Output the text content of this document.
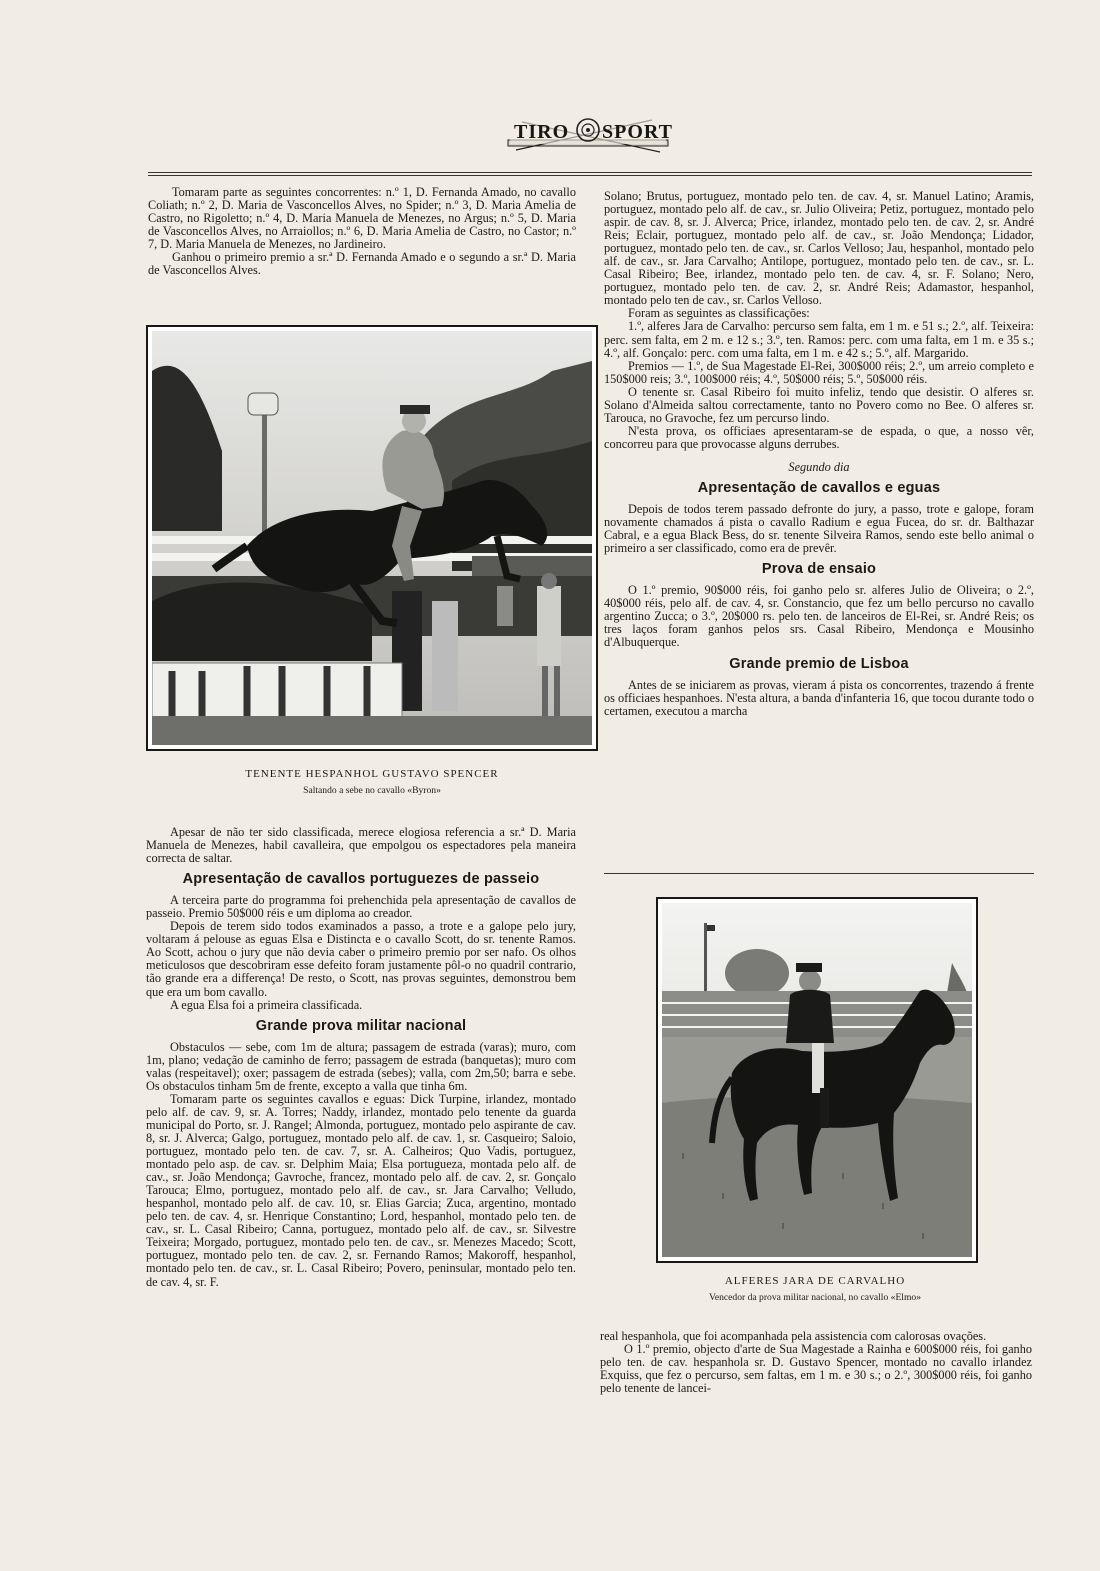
TIRO SPORT

Tomaram parte as seguintes concorrentes: n.º 1, D. Fernanda Amado, no cavallo Coliath; n.º 2, D. Maria de Vasconcellos Alves, no Spider; n.º 3, D. Maria Amelia de Castro, no Rigoletto; n.º 4, D. Maria Manuela de Menezes, no Argus; n.º 5, D. Maria de Vasconcellos Alves, no Arraiollos; n.º 6, D. Maria Amelia de Castro, no Castor; n.º 7, D. Maria Manuela de Menezes, no Jardineiro.

Ganhou o primeiro premio a sr.ª D. Fernanda Amado e o segundo a sr.ª D. Maria de Vasconcellos Alves.

TENENTE HESPANHOL GUSTAVO SPENCER
Saltando a sebe no cavallo «Byron»

Apesar de não ter sido classificada, merece elogiosa referencia a sr.ª D. Maria Manuela de Menezes, habil cavalleira, que empolgou os espectadores pela maneira correcta de saltar.

Apresentação de cavallos portuguezes de passeio

A terceira parte do programma foi prehenchida pela apresentação de cavallos de passeio. Premio 50$000 réis e um diploma ao creador.

Depois de terem sido todos examinados a passo, a trote e a galope pelo jury, voltaram á pelouse as eguas Elsa e Distincta e o cavallo Scott, do sr. tenente Ramos. Ao Scott, achou o jury que não devia caber o primeiro premio por ser nafo. Os olhos meticulosos que descobriram esse defeito foram justamente pôl-o no quadril contrario, tão grande era a differença! De resto, o Scott, nas provas seguintes, demonstrou bem que era um bom cavallo.

A egua Elsa foi a primeira classificada.

Grande prova militar nacional

Obstaculos — sebe, com 1m de altura; passagem de estrada (varas); muro, com 1m, plano; vedação de caminho de ferro; passagem de estrada (banquetas); muro com valas (respeitavel); oxer; passagem de estrada (sebes); valla, com 2m,50; barra e sebe. Os obstaculos tinham 5m de frente, excepto a valla que tinha 6m.

Tomaram parte os seguintes cavallos e eguas: Dick Turpine, irlandez, montado pelo alf. de cav. 9, sr. A. Torres; Naddy, irlandez, montado pelo tenente da guarda municipal do Porto, sr. J. Rangel; Almonda, portuguez, montado pelo aspirante de cav. 8, sr. J. Alverca; Galgo, portuguez, montado pelo alf. de cav. 1, sr. Casqueiro; Saloio, portuguez, montado pelo ten. de cav. 7, sr. A. Calheiros; Quo Vadis, portuguez, montado pelo asp. de cav. sr. Delphim Maia; Elsa portugueza, montada pelo alf. de cav., sr. João Mendonça; Gavroche, francez, montado pelo alf. de cav. 2, sr. Gonçalo Tarouca; Elmo, portuguez, montado pelo alf. de cav., sr. Jara Carvalho; Velludo, hespanhol, montado pelo alf. de cav. 10, sr. Elias Garcia; Zuca, argentino, montado pelo ten. de cav. 4, sr. Henrique Constantino; Lord, hespanhol, montado pelo ten. de cav., sr. L. Casal Ribeiro; Canna, portuguez, montado pelo alf. de cav., sr. Silvestre Teixeira; Morgado, portuguez, montado pelo ten. de cav., sr. Menezes Macedo; Scott, portuguez, montado pelo ten. de cav. 2, sr. Fernando Ramos; Makoroff, hespanhol, montado pelo ten. de cav., sr. L. Casal Ribeiro; Povero, peninsular, montado pelo ten. de cav. 4, sr. F.

Solano; Brutus, portuguez, montado pelo ten. de cav. 4, sr. Manuel Latino; Aramis, portuguez, montado pelo alf. de cav., sr. Julio Oliveira; Petiz, portuguez, montado pelo aspir. de cav. 8, sr. J. Alverca; Price, irlandez, montado pelo ten. de cav. 2, sr. André Reis; Eclair, portuguez, montado pelo alf. de cav., sr. João Mendonça; Lidador, portuguez, montado pelo ten. de cav., sr. Carlos Velloso; Jau, hespanhol, montado pelo alf. de cav., sr. Jara Carvalho; Antilope, portuguez, montado pelo ten. de cav., sr. L. Casal Ribeiro; Bee, irlandez, montado pelo ten. de cav. 4, sr. F. Solano; Nero, portuguez, montado pelo ten. de cav. 2, sr. André Reis; Adamastor, hespanhol, montado pelo ten de cav., sr. Carlos Velloso.

Foram as seguintes as classificações:

1.º, alferes Jara de Carvalho: percurso sem falta, em 1 m. e 51 s.; 2.º, alf. Teixeira: perc. sem falta, em 2 m. e 12 s.; 3.º, ten. Ramos: perc. com uma falta, em 1 m. e 35 s.; 4.º, alf. Gonçalo: perc. com uma falta, em 1 m. e 42 s.; 5.º, alf. Margarido.

Premios — 1.º, de Sua Magestade El-Rei, 300$000 réis; 2.º, um arreio completo e 150$000 reis; 3.º, 100$000 réis; 4.º, 50$000 réis; 5.º, 50$000 réis.

O tenente sr. Casal Ribeiro foi muito infeliz, tendo que desistir. O alferes sr. Solano d'Almeida saltou correctamente, tanto no Povero como no Bee. O alferes sr. Tarouca, no Gravoche, fez um percurso lindo.

N'esta prova, os officiaes apresentaram-se de espada, o que, a nosso vêr, concorreu para que provocasse alguns derrubes.

Segundo dia

Apresentação de cavallos e eguas

Depois de todos terem passado defronte do jury, a passo, trote e galope, foram novamente chamados á pista o cavallo Radium e egua Fucea, do sr. dr. Balthazar Cabral, e a egua Black Bess, do sr. tenente Silveira Ramos, sendo este bello animal o primeiro a ser classificado, como era de prevêr.

Prova de ensaio

O 1.º premio, 90$000 réis, foi ganho pelo sr. alferes Julio de Oliveira; o 2.º, 40$000 réis, pelo alf. de cav. 4, sr. Constancio, que fez um bello percurso no cavallo argentino Zucca; o 3.º, 20$000 rs. pelo ten. de lanceiros de El-Rei, sr. André Reis; os tres laços foram ganhos pelos srs. Casal Ribeiro, Mendonça e Mousinho d'Albuquerque.

Grande premio de Lisboa

Antes de se iniciarem as provas, vieram á pista os concorrentes, trazendo á frente os officiaes hespanhoes. N'esta altura, a banda d'infanteria 16, que tocou durante todo o certamen, executou a marcha

ALFERES JARA DE CARVALHO
Vencedor da prova militar nacional, no cavallo «Elmo»

real hespanhola, que foi acompanhada pela assistencia com calorosas ovações.

O 1.º premio, objecto d'arte de Sua Magestade a Rainha e 600$000 réis, foi ganho pelo ten. de cav. hespanhola sr. D. Gustavo Spencer, montado no cavallo irlandez Exquiss, que fez o percurso, sem faltas, em 1 m. e 30 s.; o 2.º, 300$000 réis, foi ganho pelo tenente de lancei-
